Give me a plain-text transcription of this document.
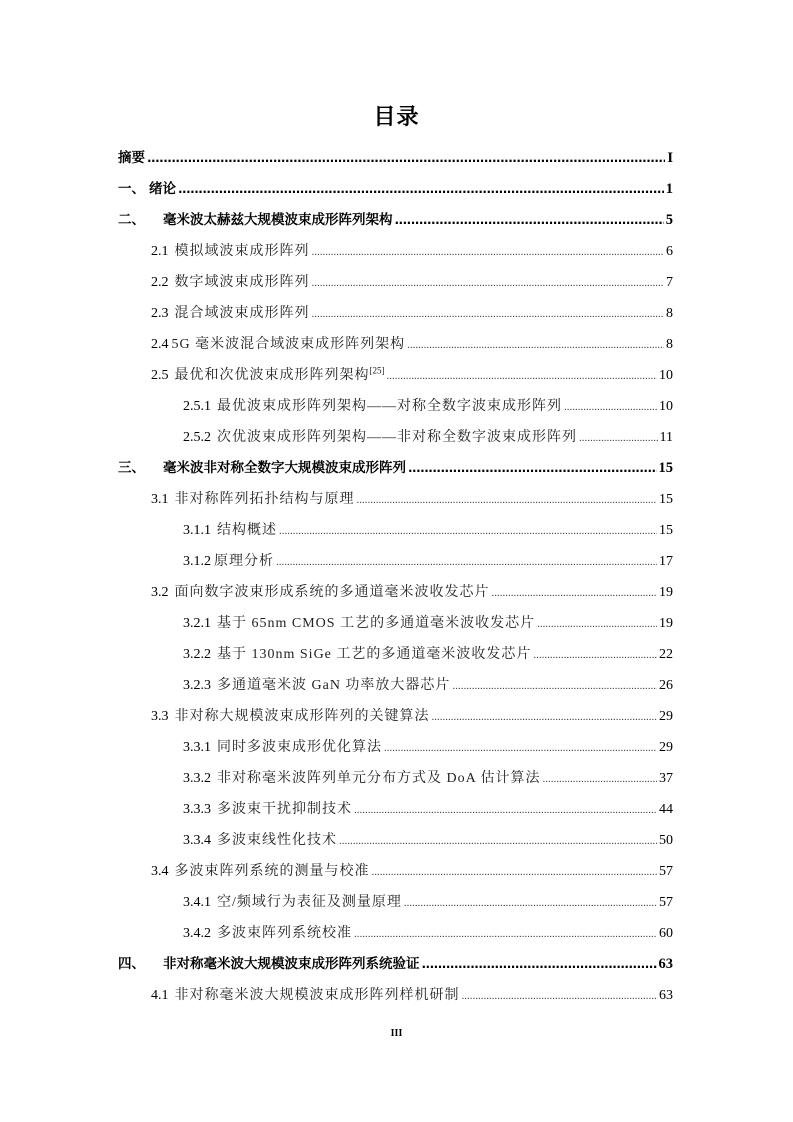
目录
摘要 .....	I
一、 绪论 .....	1
二、 毫米波太赫兹大规模波束成形阵列架构 .....	5
2.1 模拟域波束成形阵列 .....	6
2.2 数字域波束成形阵列 .....	7
2.3 混合域波束成形阵列 .....	8
2.4 5G 毫米波混合域波束成形阵列架构 .....	8
2.5 最优和次优波束成形阵列架构[25] .....	10
2.5.1 最优波束成形阵列架构——对称全数字波束成形阵列 .....	10
2.5.2 次优波束成形阵列架构——非对称全数字波束成形阵列 .....	11
三、 毫米波非对称全数字大规模波束成形阵列 .....	15
3.1 非对称阵列拓扑结构与原理 .....	15
3.1.1 结构概述 .....	15
3.1.2 原理分析 .....	17
3.2 面向数字波束形成系统的多通道毫米波收发芯片 .....	19
3.2.1 基于 65nm CMOS 工艺的多通道毫米波收发芯片 .....	19
3.2.2 基于 130nm SiGe 工艺的多通道毫米波收发芯片 .....	22
3.2.3 多通道毫米波 GaN 功率放大器芯片 .....	26
3.3 非对称大规模波束成形阵列的关键算法 .....	29
3.3.1 同时多波束成形优化算法 .....	29
3.3.2 非对称毫米波阵列单元分布方式及 DoA 估计算法 .....	37
3.3.3 多波束干扰抑制技术 .....	44
3.3.4 多波束线性化技术 .....	50
3.4 多波束阵列系统的测量与校准 .....	57
3.4.1 空/频域行为表征及测量原理 .....	57
3.4.2 多波束阵列系统校准 .....	60
四、 非对称毫米波大规模波束成形阵列系统验证 .....	63
4.1 非对称毫米波大规模波束成形阵列样机研制 .....	63
III
